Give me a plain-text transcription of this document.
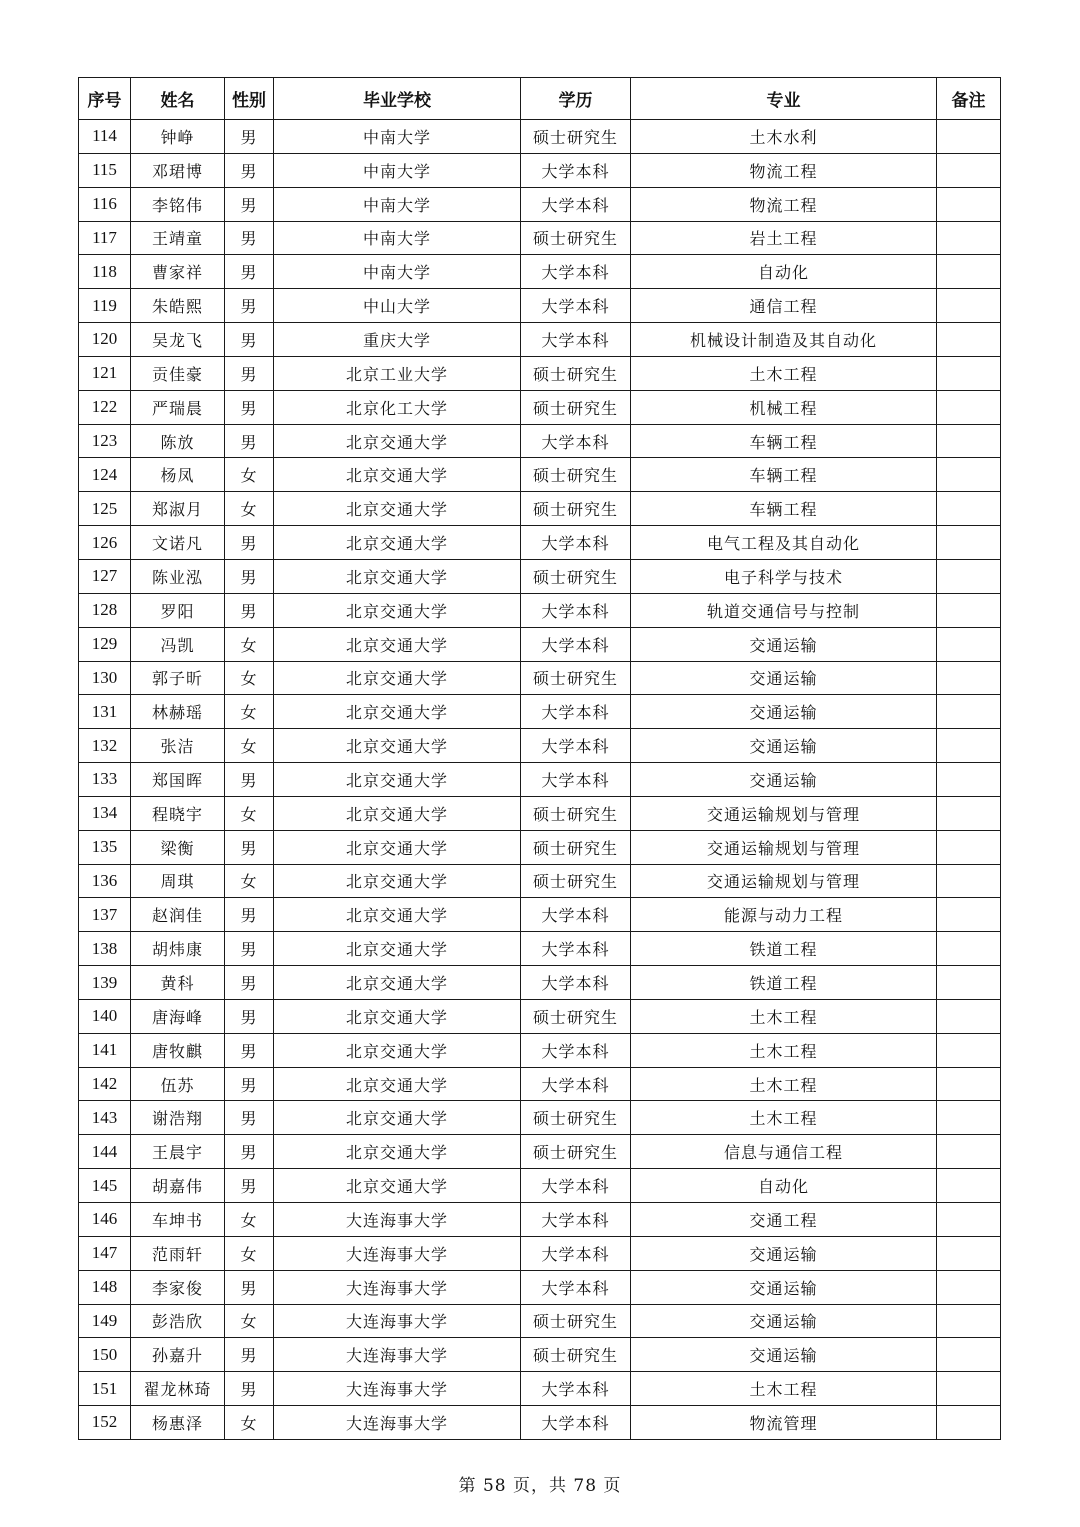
序号	姓名	性别	毕业学校	学历	专业	备注
114	钟峥	男	中南大学	硕士研究生	土木水利	
115	邓珺博	男	中南大学	大学本科	物流工程	
116	李铭伟	男	中南大学	大学本科	物流工程	
117	王靖童	男	中南大学	硕士研究生	岩土工程	
118	曹家祥	男	中南大学	大学本科	自动化	
119	朱皓熙	男	中山大学	大学本科	通信工程	
120	吴龙飞	男	重庆大学	大学本科	机械设计制造及其自动化	
121	贡佳豪	男	北京工业大学	硕士研究生	土木工程	
122	严瑞晨	男	北京化工大学	硕士研究生	机械工程	
123	陈放	男	北京交通大学	大学本科	车辆工程	
124	杨凤	女	北京交通大学	硕士研究生	车辆工程	
125	郑淑月	女	北京交通大学	硕士研究生	车辆工程	
126	文诺凡	男	北京交通大学	大学本科	电气工程及其自动化	
127	陈业泓	男	北京交通大学	硕士研究生	电子科学与技术	
128	罗阳	男	北京交通大学	大学本科	轨道交通信号与控制	
129	冯凯	女	北京交通大学	大学本科	交通运输	
130	郭子昕	女	北京交通大学	硕士研究生	交通运输	
131	林赫瑶	女	北京交通大学	大学本科	交通运输	
132	张洁	女	北京交通大学	大学本科	交通运输	
133	郑国晖	男	北京交通大学	大学本科	交通运输	
134	程晓宇	女	北京交通大学	硕士研究生	交通运输规划与管理	
135	梁衡	男	北京交通大学	硕士研究生	交通运输规划与管理	
136	周琪	女	北京交通大学	硕士研究生	交通运输规划与管理	
137	赵润佳	男	北京交通大学	大学本科	能源与动力工程	
138	胡炜康	男	北京交通大学	大学本科	铁道工程	
139	黄科	男	北京交通大学	大学本科	铁道工程	
140	唐海峰	男	北京交通大学	硕士研究生	土木工程	
141	唐牧麒	男	北京交通大学	大学本科	土木工程	
142	伍苏	男	北京交通大学	大学本科	土木工程	
143	谢浩翔	男	北京交通大学	硕士研究生	土木工程	
144	王晨宇	男	北京交通大学	硕士研究生	信息与通信工程	
145	胡嘉伟	男	北京交通大学	大学本科	自动化	
146	车坤书	女	大连海事大学	大学本科	交通工程	
147	范雨轩	女	大连海事大学	大学本科	交通运输	
148	李家俊	男	大连海事大学	大学本科	交通运输	
149	彭浩欣	女	大连海事大学	硕士研究生	交通运输	
150	孙嘉升	男	大连海事大学	硕士研究生	交通运输	
151	翟龙林琦	男	大连海事大学	大学本科	土木工程	
152	杨惠泽	女	大连海事大学	大学本科	物流管理	
第 58 页，共 78 页
